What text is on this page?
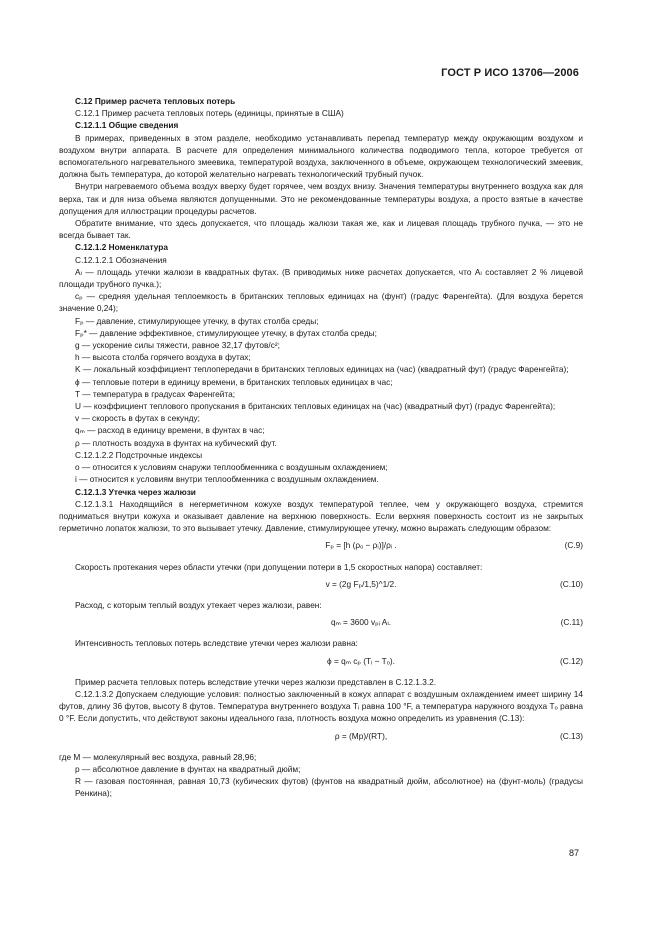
ГОСТ Р ИСО 13706—2006

С.12 Пример расчета тепловых потерь

С.12.1 Пример расчета тепловых потерь (единицы, принятые в США)

С.12.1.1 Общие сведения

В примерах, приведенных в этом разделе, необходимо устанавливать перепад температур между окружающим воздухом и воздухом внутри аппарата. В расчете для определения минимального количества подводимого тепла, которое требуется от вспомогательного нагревательного змеевика, температурой воздуха, заключенного в объеме, окружающем технологический змеевик, должна быть температура, до которой желательно нагревать технологический трубный пучок.

Внутри нагреваемого объема воздух вверху будет горячее, чем воздух внизу. Значения температуры внутреннего воздуха как для верха, так и для низа объема являются допущенными. Это не рекомендованные температуры воздуха, а просто взятые в качестве допущения для иллюстрации процедуры расчетов.

Обратите внимание, что здесь допускается, что площадь жалюзи такая же, как и лицевая площадь трубного пучка, — это не всегда бывает так.

С.12.1.2 Номенклатура

С.12.1.2.1 Обозначения

Aₗ — площадь утечки жалюзи в квадратных футах. (В приводимых ниже расчетах допускается, что Aₗ составляет 2 % лицевой площади трубного пучка.);

cₚ — средняя удельная теплоемкость в британских тепловых единицах на (фунт) (градус Фаренгейта). (Для воздуха берется значение 0,24);

Fₚ — давление, стимулирующее утечку, в футах столба среды;

Fₚ* — давление эффективное, стимулирующее утечку, в футах столба среды;

g — ускорение силы тяжести, равное 32,17 футов/с²;

h — высота столба горячего воздуха в футах;

K — локальный коэффициент теплопередачи в британских тепловых единицах на (час) (квадратный фут) (градус Фаренгейта);

ϕ — тепловые потери в единицу времени, в британских тепловых единицах в час;

T — температура в градусах Фаренгейта;

U — коэффициент теплового пропускания в британских тепловых единицах на (час) (квадратный фут) (градус Фаренгейта);

v — скорость в футах в секунду;

qₘ — расход в единицу времени, в фунтах в час;

ρ — плотность воздуха в фунтах на кубический фут.

С.12.1.2.2 Подстрочные индексы

o — относится к условиям снаружи теплообменника с воздушным охлаждением;

i — относится к условиям внутри теплообменника с воздушным охлаждением.

С.12.1.3 Утечка через жалюзи

С.12.1.3.1 Находящийся в негерметичном кожухе воздух температурой теплее, чем у окружающего воздуха, стремится подниматься внутри кожуха и оказывает давление на верхнюю поверхность. Если верхняя поверхность состоит из не закрытых герметично лопаток жалюзи, то это вызывает утечку. Давление, стимулирующее утечку, можно выражать следующим образом:

Fₚ = [h (ρₒ − ρᵢ)]/ρᵢ .	(С.9)

Скорость протекания через области утечки (при допущении потери в 1,5 скоростных напора) составляет:

v = (2g Fₚ/1,5)^1/2.	(С.10)

Расход, с которым теплый воздух утекает через жалюзи, равен:

qₘ = 3600 vₚᵢ Aₗ.	(С.11)

Интенсивность тепловых потерь вследствие утечки через жалюзи равна:

ϕ = qₘ cₚ (Tᵢ − Tₒ).	(С.12)

Пример расчета тепловых потерь вследствие утечки через жалюзи представлен в С.12.1.3.2.

С.12.1.3.2 Допускаем следующие условия: полностью заключенный в кожух аппарат с воздушным охлаждением имеет ширину 14 футов, длину 36 футов, высоту 8 футов. Температура внутреннего воздуха Tᵢ равна 100 °F, а температура наружного воздуха Tₒ равна 0 °F. Если допустить, что действуют законы идеального газа, плотность воздуха можно определить из уравнения (С.13):

ρ = (Mp)/(RT),	(С.13)

где M — молекулярный вес воздуха, равный 28,96;

p — абсолютное давление в фунтах на квадратный дюйм;

R — газовая постоянная, равная 10,73 (кубических футов) (фунтов на квадратный дюйм, абсолютное) на (фунт-моль) (градусы Ренкина);

87
